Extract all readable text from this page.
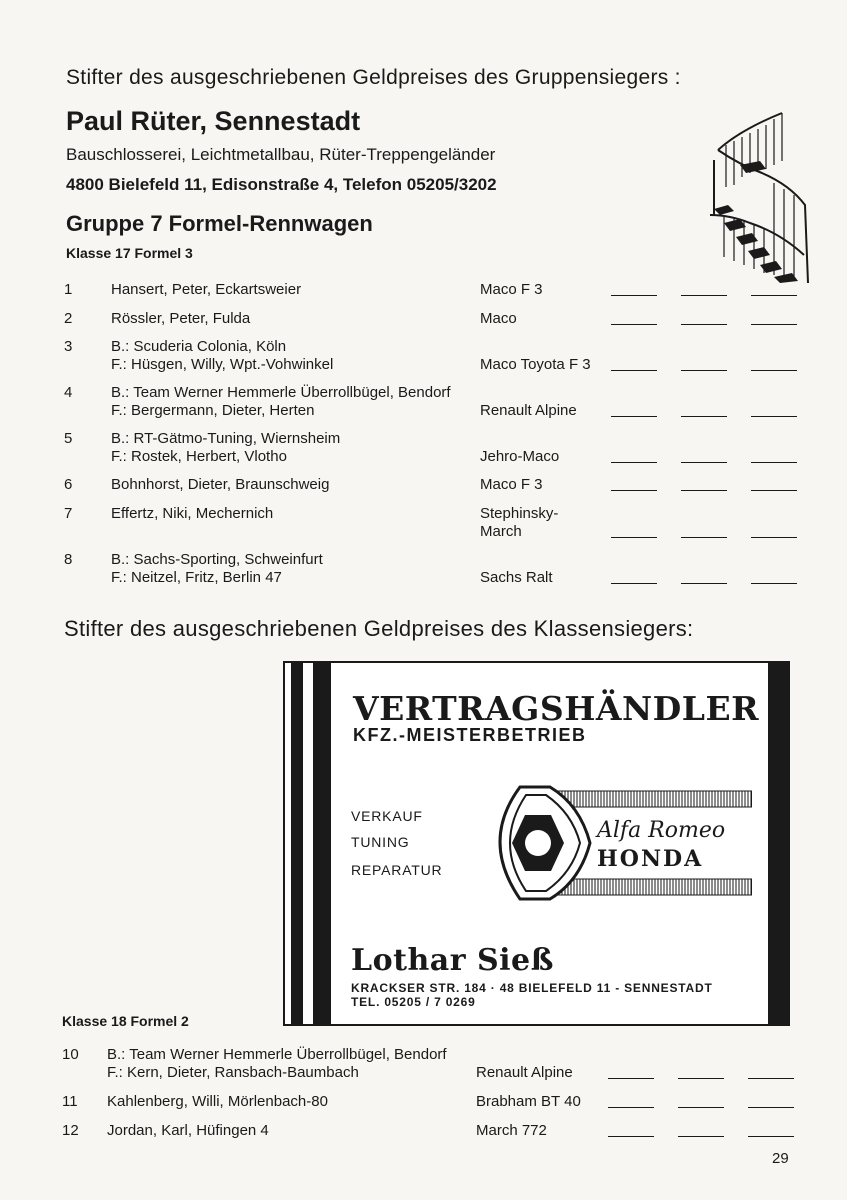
Stifter des ausgeschriebenen Geldpreises des Gruppensiegers :
Paul Rüter, Sennestadt
Bauschlosserei, Leichtmetallbau, Rüter-Treppengeländer
4800 Bielefeld 11, Edisonstraße 4, Telefon 05205/3202
Gruppe 7 Formel-Rennwagen
Klasse 17 Formel 3
1	Hansert, Peter, Eckartsweier	Maco F 3
2	Rössler, Peter, Fulda	Maco
3	B.: Scuderia Colonia, Köln
F.: Hüsgen, Willy, Wpt.-Vohwinkel	Maco Toyota F 3
4	B.: Team Werner Hemmerle Überrollbügel, Bendorf
F.: Bergermann, Dieter, Herten	Renault Alpine
5	B.: RT-Gätmo-Tuning, Wiernsheim
F.: Rostek, Herbert, Vlotho	Jehro-Maco
6	Bohnhorst, Dieter, Braunschweig	Maco F 3
7	Effertz, Niki, Mechernich	Stephinsky-
March
8	B.: Sachs-Sporting, Schweinfurt
F.: Neitzel, Fritz, Berlin 47	Sachs Ralt
Stifter des ausgeschriebenen Geldpreises des Klassensiegers:
VERTRAGSHÄNDLER
KFZ.-MEISTERBETRIEB
VERKAUF
TUNING
REPARATUR
Alfa Romeo
HONDA
Lothar Sieß
KRACKSER STR. 184 · 48 BIELEFELD 11 - SENNESTADT
TEL. 05205 / 7 0269
Klasse 18 Formel 2
10 B.: Team Werner Hemmerle Überrollbügel, Bendorf
F.: Kern, Dieter, Ransbach-Baumbach	Renault Alpine
11 Kahlenberg, Willi, Mörlenbach-80	Brabham BT 40
12 Jordan, Karl, Hüfingen 4	March 772
29
